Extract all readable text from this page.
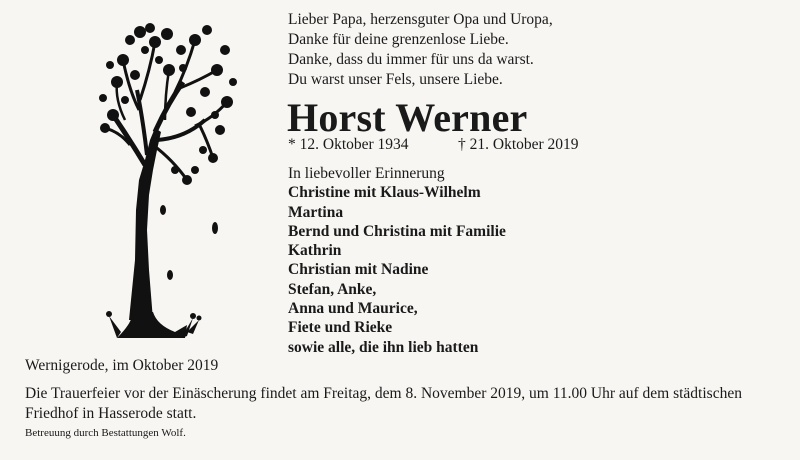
Lieber Papa, herzensguter Opa und Uropa,
Danke für deine grenzenlose Liebe.
Danke, dass du immer für uns da warst.
Du warst unser Fels, unsere Liebe.
Horst Werner
* 12. Oktober 1934	† 21. Oktober 2019
In liebevoller Erinnerung
Christine mit Klaus-Wilhelm
Martina
Bernd und Christina mit Familie
Kathrin
Christian mit Nadine
Stefan, Anke,
Anna und Maurice,
Fiete und Rieke
sowie alle, die ihn lieb hatten
Wernigerode, im Oktober 2019
Die Trauerfeier vor der Einäscherung findet am Freitag, dem 8. November 2019, um 11.00 Uhr auf dem städtischen Friedhof in Hasserode statt.
Betreuung durch Bestattungen Wolf.
